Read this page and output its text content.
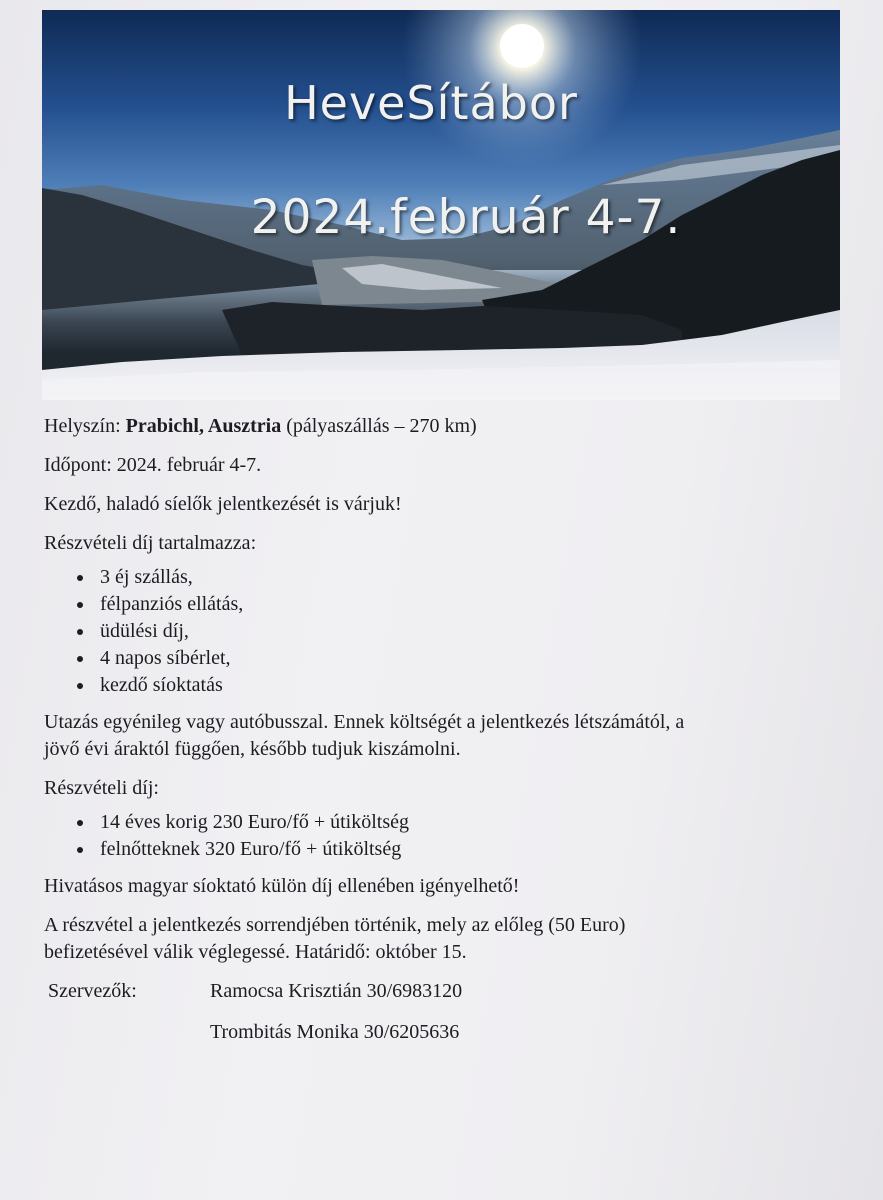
HeveSítábor
2024.február 4-7.

Helyszín: Prabichl, Ausztria (pályaszállás – 270 km)

Időpont: 2024. február 4-7.

Kezdő, haladó síelők jelentkezését is várjuk!

Részvételi díj tartalmazza:

3 éj szállás,
félpanziós ellátás,
üdülési díj,
4 napos síbérlet,
kezdő síoktatás

Utazás egyénileg vagy autóbusszal. Ennek költségét a jelentkezés létszámától, a

jövő évi áraktól függően, később tudjuk kiszámolni.

Részvételi díj:

14 éves korig 230 Euro/fő + útiköltség
felnőtteknek 320 Euro/fő + útiköltség

Hivatásos magyar síoktató külön díj ellenében igényelhető!

A részvétel a jelentkezés sorrendjében történik, mely az előleg (50 Euro)

befizetésével válik véglegessé. Határidő: október 15.

Szervezők:	Ramocsa Krisztián 30/6983120
Trombitás Monika 30/6205636
